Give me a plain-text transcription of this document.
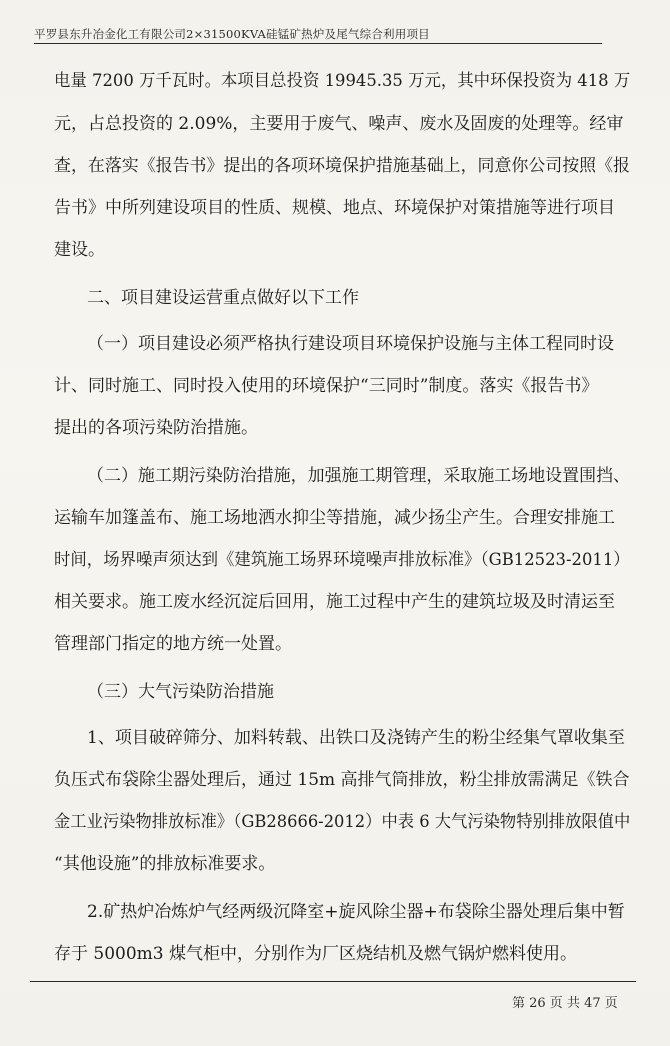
平罗县东升冶金化工有限公司2×31500KVA硅锰矿热炉及尾气综合利用项目
电量 7200 万千瓦时。本项目总投资 19945.35 万元，其中环保投资为 418 万
元，占总投资的 2.09%，主要用于废气、噪声、废水及固废的处理等。经审
查，在落实《报告书》提出的各项环境保护措施基础上，同意你公司按照《报
告书》中所列建设项目的性质、规模、地点、环境保护对策措施等进行项目
建设。
二、项目建设运营重点做好以下工作
（一）项目建设必须严格执行建设项目环境保护设施与主体工程同时设
计、同时施工、同时投入使用的环境保护“三同时”制度。落实《报告书》
提出的各项污染防治措施。
（二）施工期污染防治措施，加强施工期管理，采取施工场地设置围挡、
运输车加篷盖布、施工场地洒水抑尘等措施，减少扬尘产生。合理安排施工
时间，场界噪声须达到《建筑施工场界环境噪声排放标准》（GB12523-2011）
相关要求。施工废水经沉淀后回用，施工过程中产生的建筑垃圾及时清运至
管理部门指定的地方统一处置。
（三）大气污染防治措施
1、项目破碎筛分、加料转载、出铁口及浇铸产生的粉尘经集气罩收集至
负压式布袋除尘器处理后，通过 15m 高排气筒排放，粉尘排放需满足《铁合
金工业污染物排放标准》（GB28666-2012）中表 6 大气污染物特别排放限值中
“其他设施”的排放标准要求。
2.矿热炉冶炼炉气经两级沉降室+旋风除尘器+布袋除尘器处理后集中暂
存于 5000m3 煤气柜中，分别作为厂区烧结机及燃气锅炉燃料使用。
第 26 页 共 47 页
